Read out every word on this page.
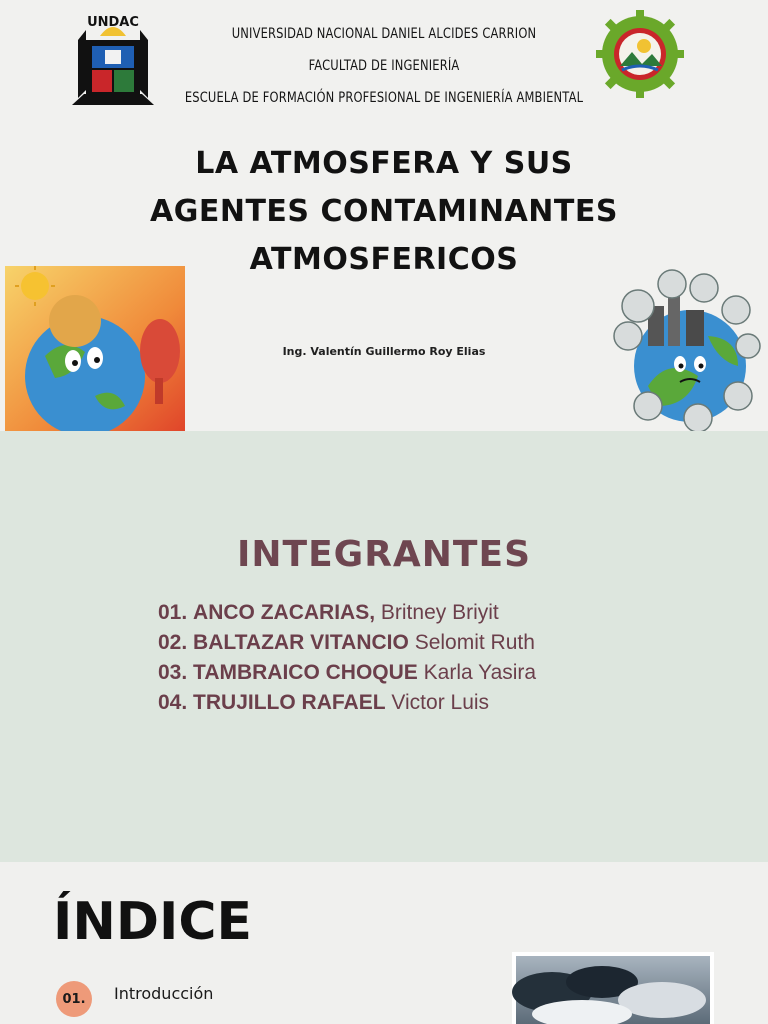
UNDAC
UNIVERSIDAD NACIONAL DANIEL ALCIDES CARRION
FACULTAD DE INGENIERÍA
ESCUELA DE FORMACIÓN PROFESIONAL DE INGENIERÍA AMBIENTAL
LA ATMOSFERA Y SUS
AGENTES CONTAMINANTES
ATMOSFERICOS
Ing. Valentín Guillermo Roy Elias
INTEGRANTES
01. ANCO ZACARIAS, Britney Briyit
02. BALTAZAR VITANCIO Selomit Ruth
03. TAMBRAICO CHOQUE Karla Yasira
04. TRUJILLO RAFAEL Victor Luis
ÍNDICE
01.	Introducción
